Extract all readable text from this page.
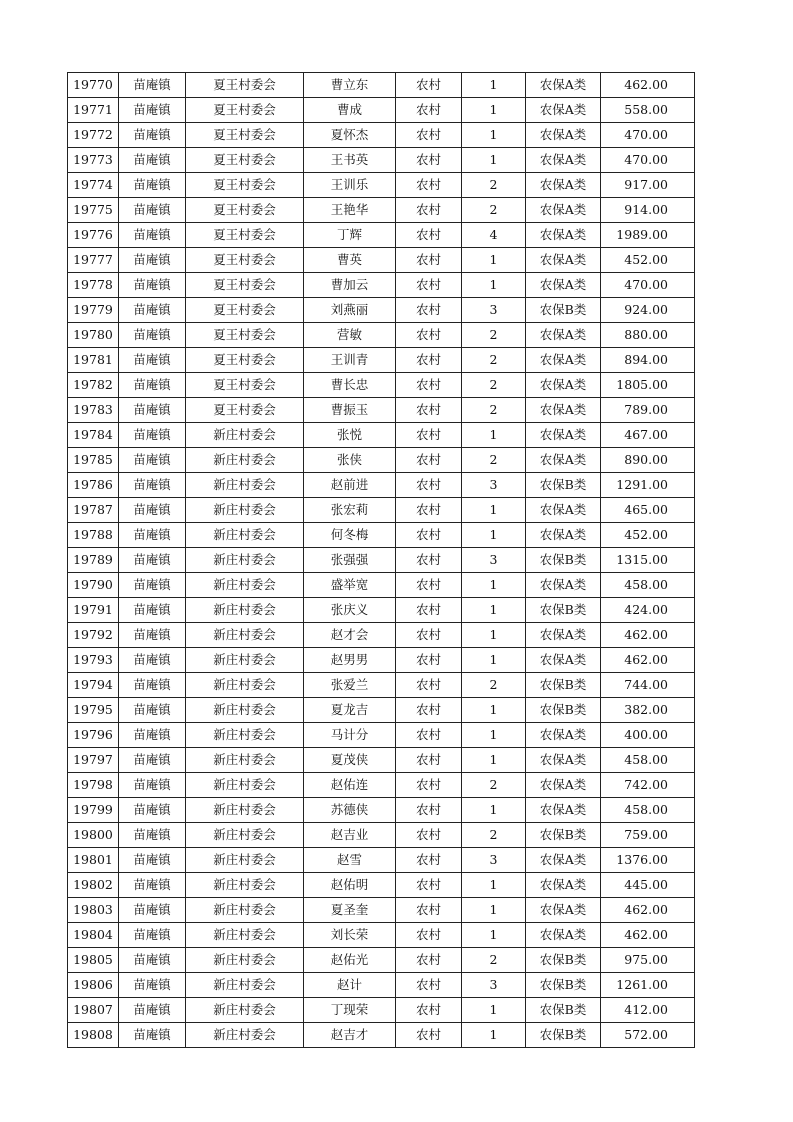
19770	苗庵镇	夏王村委会	曹立东	农村	1	农保A类	462.00
19771	苗庵镇	夏王村委会	曹成	农村	1	农保A类	558.00
19772	苗庵镇	夏王村委会	夏怀杰	农村	1	农保A类	470.00
19773	苗庵镇	夏王村委会	王书英	农村	1	农保A类	470.00
19774	苗庵镇	夏王村委会	王训乐	农村	2	农保A类	917.00
19775	苗庵镇	夏王村委会	王艳华	农村	2	农保A类	914.00
19776	苗庵镇	夏王村委会	丁辉	农村	4	农保A类	1989.00
19777	苗庵镇	夏王村委会	曹英	农村	1	农保A类	452.00
19778	苗庵镇	夏王村委会	曹加云	农村	1	农保A类	470.00
19779	苗庵镇	夏王村委会	刘燕丽	农村	3	农保B类	924.00
19780	苗庵镇	夏王村委会	营敏	农村	2	农保A类	880.00
19781	苗庵镇	夏王村委会	王训青	农村	2	农保A类	894.00
19782	苗庵镇	夏王村委会	曹长忠	农村	2	农保A类	1805.00
19783	苗庵镇	夏王村委会	曹振玉	农村	2	农保A类	789.00
19784	苗庵镇	新庄村委会	张悦	农村	1	农保A类	467.00
19785	苗庵镇	新庄村委会	张侠	农村	2	农保A类	890.00
19786	苗庵镇	新庄村委会	赵前进	农村	3	农保B类	1291.00
19787	苗庵镇	新庄村委会	张宏莉	农村	1	农保A类	465.00
19788	苗庵镇	新庄村委会	何冬梅	农村	1	农保A类	452.00
19789	苗庵镇	新庄村委会	张强强	农村	3	农保B类	1315.00
19790	苗庵镇	新庄村委会	盛举宽	农村	1	农保A类	458.00
19791	苗庵镇	新庄村委会	张庆义	农村	1	农保B类	424.00
19792	苗庵镇	新庄村委会	赵才会	农村	1	农保A类	462.00
19793	苗庵镇	新庄村委会	赵男男	农村	1	农保A类	462.00
19794	苗庵镇	新庄村委会	张爱兰	农村	2	农保B类	744.00
19795	苗庵镇	新庄村委会	夏龙吉	农村	1	农保B类	382.00
19796	苗庵镇	新庄村委会	马计分	农村	1	农保A类	400.00
19797	苗庵镇	新庄村委会	夏茂侠	农村	1	农保A类	458.00
19798	苗庵镇	新庄村委会	赵佑连	农村	2	农保A类	742.00
19799	苗庵镇	新庄村委会	苏德侠	农村	1	农保A类	458.00
19800	苗庵镇	新庄村委会	赵吉业	农村	2	农保B类	759.00
19801	苗庵镇	新庄村委会	赵雪	农村	3	农保A类	1376.00
19802	苗庵镇	新庄村委会	赵佑明	农村	1	农保A类	445.00
19803	苗庵镇	新庄村委会	夏圣奎	农村	1	农保A类	462.00
19804	苗庵镇	新庄村委会	刘长荣	农村	1	农保A类	462.00
19805	苗庵镇	新庄村委会	赵佑光	农村	2	农保B类	975.00
19806	苗庵镇	新庄村委会	赵计	农村	3	农保B类	1261.00
19807	苗庵镇	新庄村委会	丁现荣	农村	1	农保B类	412.00
19808	苗庵镇	新庄村委会	赵吉才	农村	1	农保B类	572.00
